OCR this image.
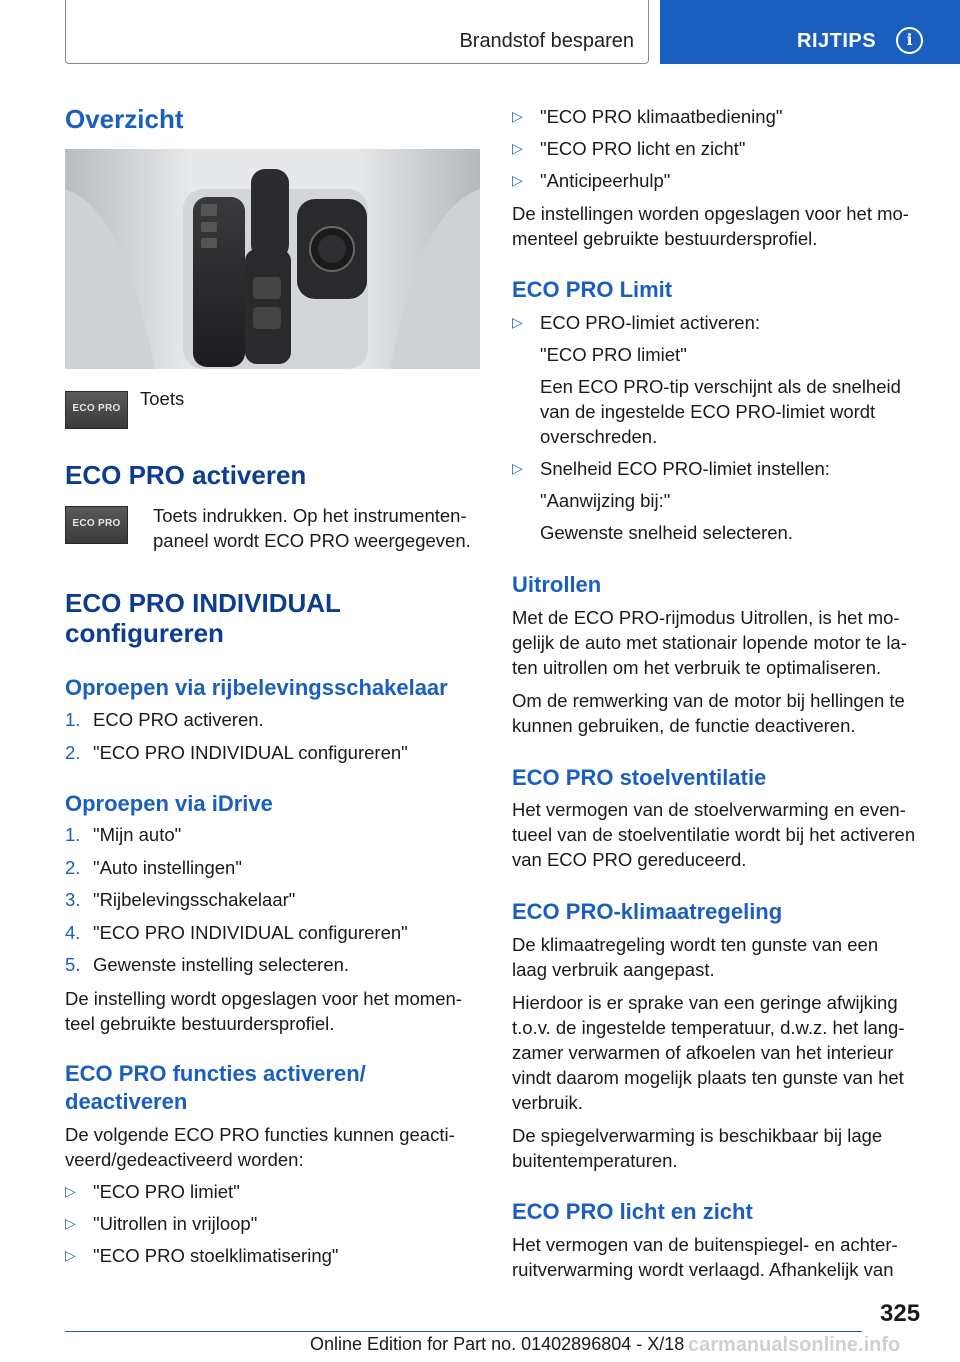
Brandstof besparen	RIJTIPS	i
Overzicht
ECO PRO	Toets
ECO PRO activeren
ECO PRO	Toets indrukken. Op het instrumenten-
paneel wordt ECO PRO weergegeven.
ECO PRO INDIVIDUAL
configureren
Oproepen via rijbelevingsschakelaar
1. ECO PRO activeren.
2. "ECO PRO INDIVIDUAL configureren"
Oproepen via iDrive
1. "Mijn auto"
2. "Auto instellingen"
3. "Rijbelevingsschakelaar"
4. "ECO PRO INDIVIDUAL configureren"
5. Gewenste instelling selecteren.
De instelling wordt opgeslagen voor het momen-
teel gebruikte bestuurdersprofiel.
ECO PRO functies activeren/
deactiveren
De volgende ECO PRO functies kunnen geacti-
veerd/gedeactiveerd worden:
▷ "ECO PRO limiet"
▷ "Uitrollen in vrijloop"
▷ "ECO PRO stoelklimatisering"
▷ "ECO PRO klimaatbediening"
▷ "ECO PRO licht en zicht"
▷ "Anticipeerhulp"
De instellingen worden opgeslagen voor het mo-
menteel gebruikte bestuurdersprofiel.
ECO PRO Limit
▷ ECO PRO-limiet activeren:
"ECO PRO limiet"
Een ECO PRO-tip verschijnt als de snelheid
van de ingestelde ECO PRO-limiet wordt
overschreden.
▷ Snelheid ECO PRO-limiet instellen:
"Aanwijzing bij:"
Gewenste snelheid selecteren.
Uitrollen
Met de ECO PRO-rijmodus Uitrollen, is het mo-
gelijk de auto met stationair lopende motor te la-
ten uitrollen om het verbruik te optimaliseren.
Om de remwerking van de motor bij hellingen te
kunnen gebruiken, de functie deactiveren.
ECO PRO stoelventilatie
Het vermogen van de stoelverwarming en even-
tueel van de stoelventilatie wordt bij het activeren
van ECO PRO gereduceerd.
ECO PRO-klimaatregeling
De klimaatregeling wordt ten gunste van een
laag verbruik aangepast.
Hierdoor is er sprake van een geringe afwijking
t.o.v. de ingestelde temperatuur, d.w.z. het lang-
zamer verwarmen of afkoelen van het interieur
vindt daarom mogelijk plaats ten gunste van het
verbruik.
De spiegelverwarming is beschikbaar bij lage
buitentemperaturen.
ECO PRO licht en zicht
Het vermogen van de buitenspiegel- en achter-
ruitverwarming wordt verlaagd. Afhankelijk van
325
carmanualsonline.info
Online Edition for Part no. 01402896804 - X/18
